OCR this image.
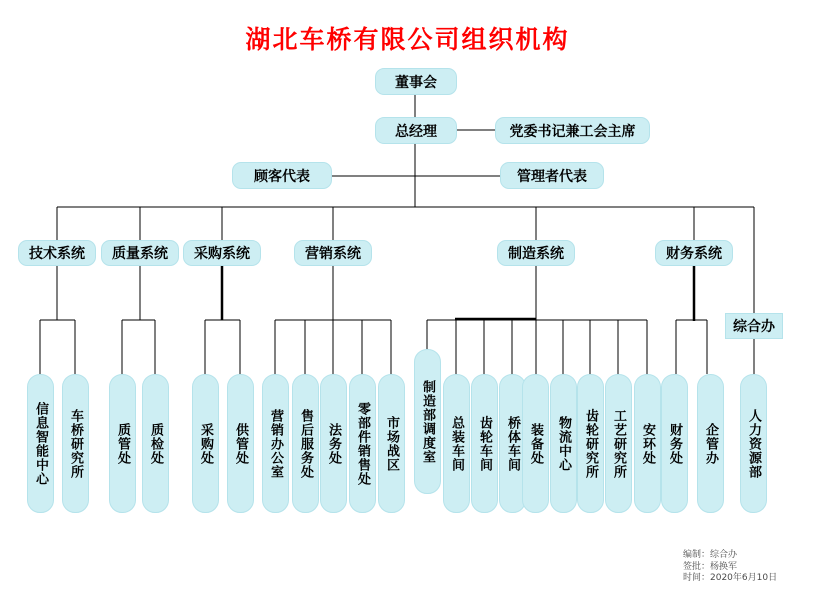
湖北车桥有限公司组织机构
董事会
总经理	党委书记兼工会主席
顾客代表	管理者代表
技术系统	质量系统	采购系统	营销系统	制造系统	财务系统
综合办
信息智能中心	车桥研究所	质管处	质检处	采购处	供管处	营销办公室	售后服务处	法务处	零部件销售处	市场战区	制造部调度室	总装车间	齿轮车间	桥体车间 装备处	物流中心 齿轮研究所	工艺研究所	安环处 财务处	企管办	人力资源部
编制：综合办
签批：杨换军
时间：2020年6月10日
